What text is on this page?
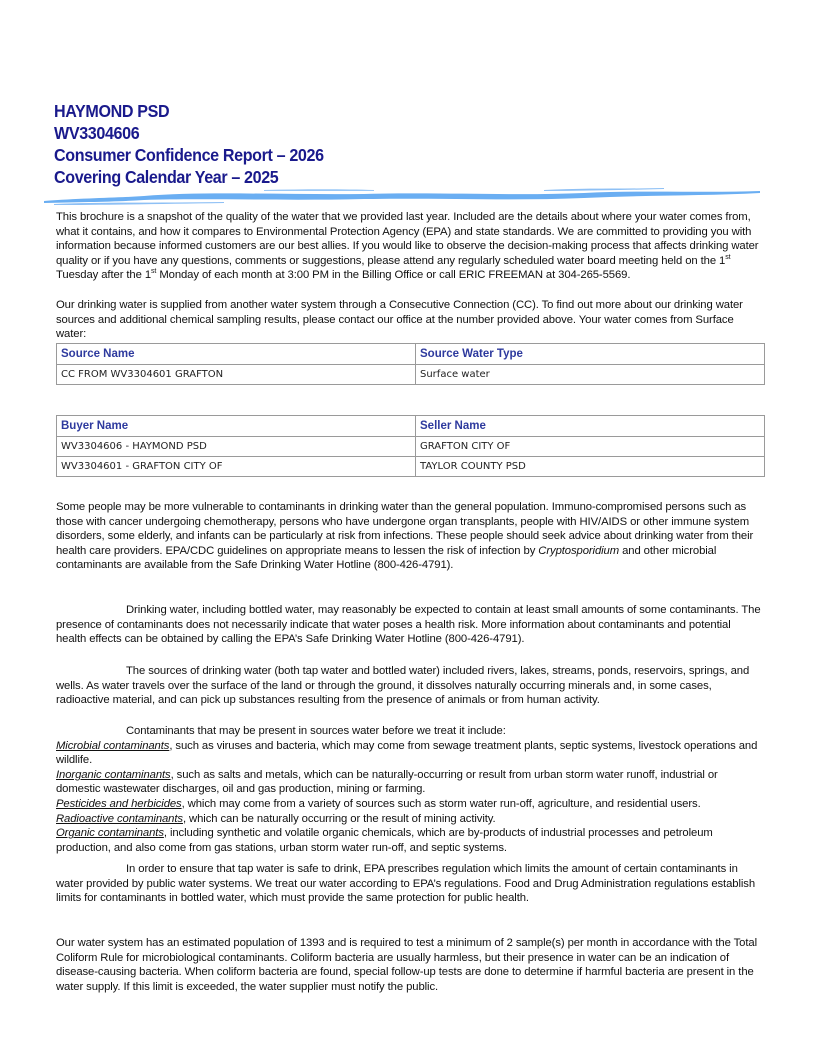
HAYMOND PSD
WV3304606
Consumer Confidence Report – 2026
Covering Calendar Year – 2025

This brochure is a snapshot of the quality of the water that we provided last year. Included are the details about where your water comes from, what it contains, and how it compares to Environmental Protection Agency (EPA) and state standards. We are committed to providing you with information because informed customers are our best allies. If you would like to observe the decision-making process that affects drinking water quality or if you have any questions, comments or suggestions, please attend any regularly scheduled water board meeting held on the 1st Tuesday after the 1st Monday of each month at 3:00 PM in the Billing Office or call ERIC FREEMAN at 304-265-5569.

Our drinking water is supplied from another water system through a Consecutive Connection (CC). To find out more about our drinking water sources and additional chemical sampling results, please contact our office at the number provided above. Your water comes from Surface water:

Source Name	Source Water Type
CC FROM WV3304601 GRAFTON	Surface water
Buyer Name	Seller Name
WV3304606 - HAYMOND PSD	GRAFTON CITY OF
WV3304601 - GRAFTON CITY OF	TAYLOR COUNTY PSD

Some people may be more vulnerable to contaminants in drinking water than the general population. Immuno-compromised persons such as those with cancer undergoing chemotherapy, persons who have undergone organ transplants, people with HIV/AIDS or other immune system disorders, some elderly, and infants can be particularly at risk from infections. These people should seek advice about drinking water from their health care providers. EPA/CDC guidelines on appropriate means to lessen the risk of infection by Cryptosporidium and other microbial contaminants are available from the Safe Drinking Water Hotline (800-426-4791).

Drinking water, including bottled water, may reasonably be expected to contain at least small amounts of some contaminants. The presence of contaminants does not necessarily indicate that water poses a health risk. More information about contaminants and potential health effects can be obtained by calling the EPA’s Safe Drinking Water Hotline (800-426-4791).

The sources of drinking water (both tap water and bottled water) included rivers, lakes, streams, ponds, reservoirs, springs, and wells. As water travels over the surface of the land or through the ground, it dissolves naturally occurring minerals and, in some cases, radioactive material, and can pick up substances resulting from the presence of animals or from human activity.

Contaminants that may be present in sources water before we treat it include:

Microbial contaminants, such as viruses and bacteria, which may come from sewage treatment plants, septic systems, livestock operations and wildlife.

Inorganic contaminants, such as salts and metals, which can be naturally-occurring or result from urban storm water runoff, industrial or domestic wastewater discharges, oil and gas production, mining or farming.

Pesticides and herbicides, which may come from a variety of sources such as storm water run-off, agriculture, and residential users.

Radioactive contaminants, which can be naturally occurring or the result of mining activity.

Organic contaminants, including synthetic and volatile organic chemicals, which are by-products of industrial processes and petroleum production, and also come from gas stations, urban storm water run-off, and septic systems.

In order to ensure that tap water is safe to drink, EPA prescribes regulation which limits the amount of certain contaminants in water provided by public water systems. We treat our water according to EPA’s regulations. Food and Drug Administration regulations establish limits for contaminants in bottled water, which must provide the same protection for public health.

Our water system has an estimated population of 1393 and is required to test a minimum of 2 sample(s) per month in accordance with the Total Coliform Rule for microbiological contaminants. Coliform bacteria are usually harmless, but their presence in water can be an indication of disease-causing bacteria. When coliform bacteria are found, special follow-up tests are done to determine if harmful bacteria are present in the water supply. If this limit is exceeded, the water supplier must notify the public.
